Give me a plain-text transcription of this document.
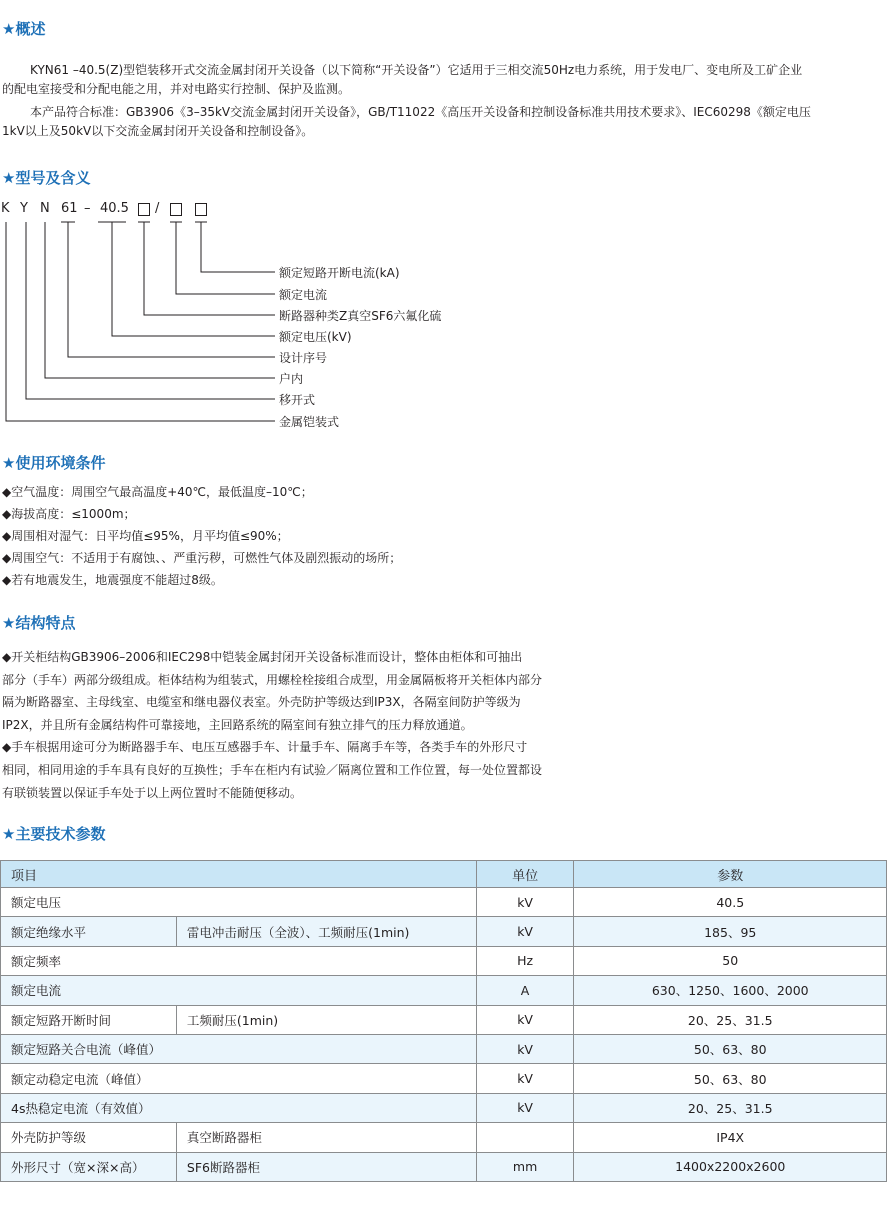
★概述
KYN61 –40.5(Z)型铠装移开式交流金属封闭开关设备（以下简称“开关设备”）它适用于三相交流50Hz电力系统，用于发电厂、变电所及工矿企业
的配电室接受和分配电能之用，并对电路实行控制、保护及监测。
本产品符合标准：GB3906《3–35kV交流金属封闭开关设备》，GB/T11022《高压开关设备和控制设备标准共用技术要求》、IEC60298《额定电压
1kV以上及50kV以下交流金属封闭开关设备和控制设备》。
★型号及含义
K Y N 61 – 40.5 /
额定短路开断电流(kA)
额定电流
断路器种类Z真空SF6六氟化硫
额定电压(kV)
设计序号
户内
移开式
金属铠装式
★使用环境条件
◆空气温度：周围空气最高温度+40℃，最低温度–10℃；
◆海拔高度：≤1000m；
◆周围相对湿气：日平均值≤95%，月平均值≤90%；
◆周围空气：不适用于有腐蚀、、严重污秽，可燃性气体及剧烈振动的场所；
◆若有地震发生，地震强度不能超过8级。
★结构特点
◆开关柜结构GB3906–2006和IEC298中铠装金属封闭开关设备标准而设计，整体由柜体和可抽出
部分（手车）两部分级组成。柜体结构为组装式，用螺栓栓接组合成型，用金属隔板将开关柜体内部分
隔为断路器室、主母线室、电缆室和继电器仪表室。外壳防护等级达到IP3X，各隔室间防护等级为
IP2X，并且所有金属结构件可靠接地，主回路系统的隔室间有独立排气的压力释放通道。
◆手车根据用途可分为断路器手车、电压互感器手车、计量手车、隔离手车等，各类手车的外形尺寸
相同，相同用途的手车具有良好的互换性；手车在柜内有试验／隔离位置和工作位置，每一处位置都设
有联锁装置以保证手车处于以上两位置时不能随便移动。
★主要技术参数
项目		单位	参数
额定电压		kV	40.5
额定绝缘水平	雷电冲击耐压（全波）、工频耐压(1min)	kV	185、95
额定频率		Hz	50
额定电流		A	630、1250、1600、2000
额定短路开断时间	工频耐压(1min)	kV	20、25、31.5
额定短路关合电流（峰值）		kV	50、63、80
额定动稳定电流（峰值）		kV	50、63、80
4s热稳定电流（有效值）		kV	20、25、31.5
外壳防护等级	真空断路器柜		IP4X
外形尺寸（宽×深×高）	SF6断路器柜	mm	1400x2200x2600
